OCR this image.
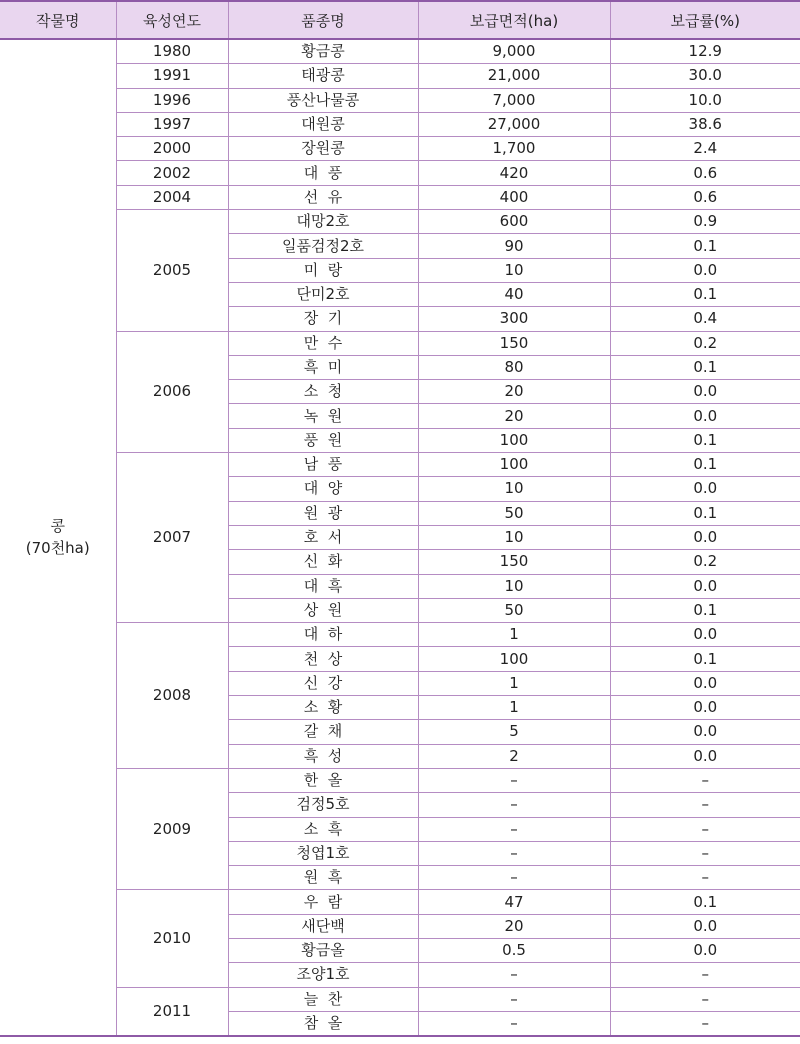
작물명	육성연도	품종명	보급면적(ha)	보급률(%)

콩
(70천ha)	1980	황금콩	9,000	12.9
	1991	태광콩	21,000	30.0
	1996	풍산나물콩	7,000	10.0
	1997	대원콩	27,000	38.6
	2000	장원콩	1,700	2.4
	2002	대  풍	420	0.6
	2004	선  유	400	0.6
	2005	대망2호	600	0.9
		일품검정2호	90	0.1
		미  랑	10	0.0
		단미2호	40	0.1
		장  기	300	0.4
	2006	만  수	150	0.2
		흑  미	80	0.1
		소  청	20	0.0
		녹  원	20	0.0
		풍  원	100	0.1
	2007	남  풍	100	0.1
		대  양	10	0.0
		원  광	50	0.1
		호  서	10	0.0
		신  화	150	0.2
		대  흑	10	0.0
		상  원	50	0.1
	2008	대  하	1	0.0
		천  상	100	0.1
		신  강	1	0.0
		소  황	1	0.0
		갈  채	5	0.0
		흑  성	2	0.0
	2009	한  올	–	–
		검정5호	–	–
		소  흑	–	–
		청엽1호	–	–
		원  흑	–	–
	2010	우  람	47	0.1
		새단백	20	0.0
		황금올	0.5	0.0
		조양1호	–	–
	2011	늘  찬	–	–
		참  올	–	–
